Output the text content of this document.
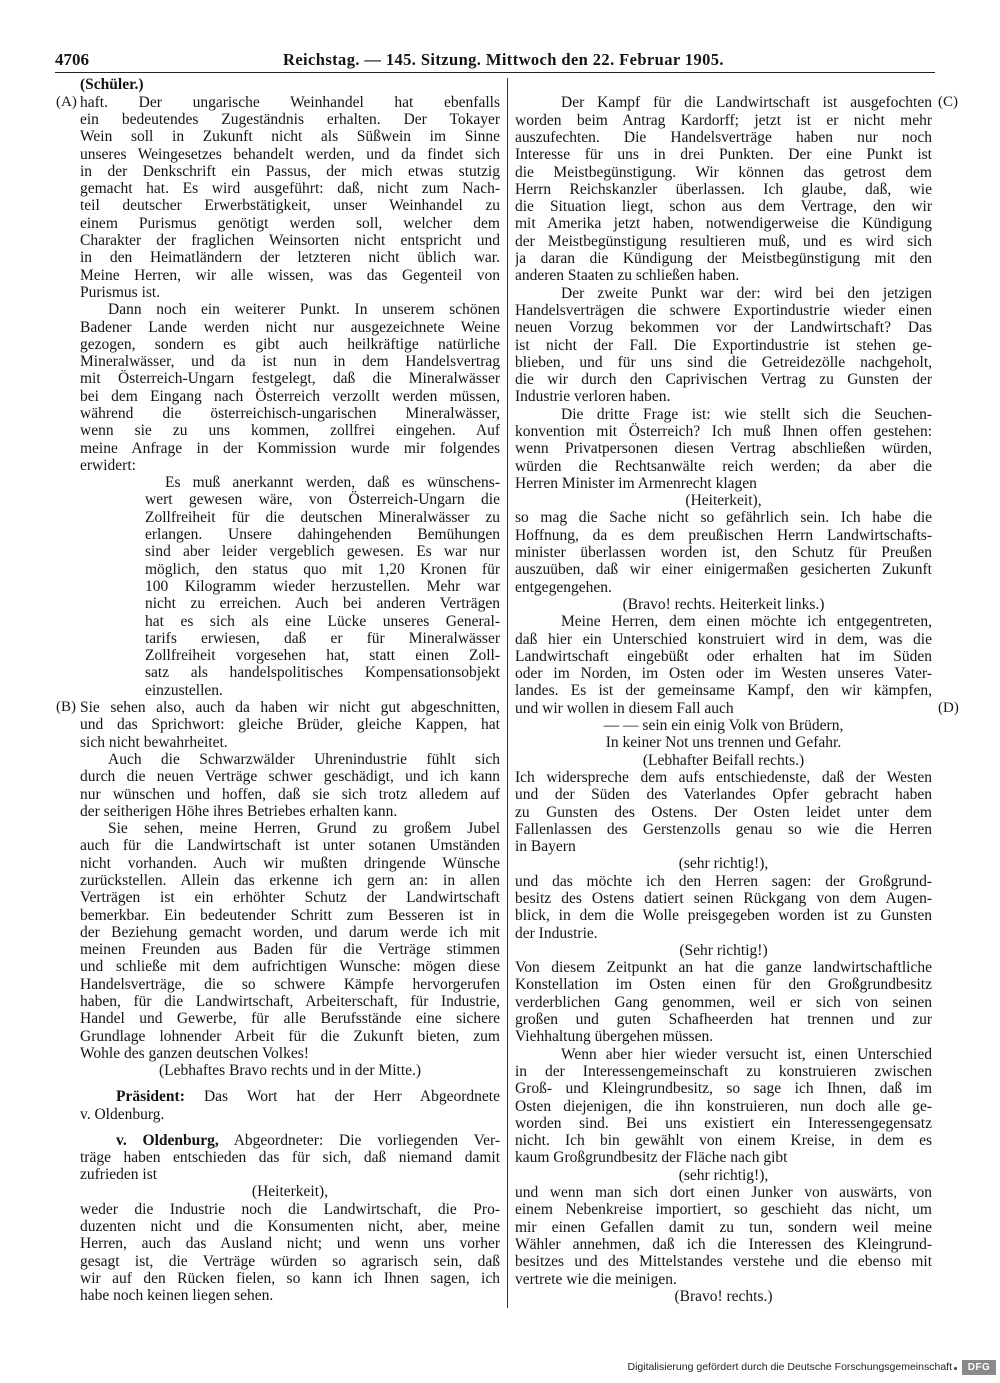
4706	Reichstag. — 145. Sitzung. Mittwoch den 22. Februar 1905.
(A)
(B)
(C)
(D)
(Schüler.)
haft. Der ungarische Weinhandel hat ebenfalls
ein bedeutendes Zugeständnis erhalten. Der Tokayer
Wein soll in Zukunft nicht als Süßwein im Sinne
unseres Weingesetzes behandelt werden, und da findet sich
in der Denkschrift ein Passus, der mich etwas stutzig
gemacht hat. Es wird ausgeführt: daß, nicht zum Nach-
teil deutscher Erwerbstätigkeit, unser Weinhandel zu
einem Purismus genötigt werden soll, welcher dem
Charakter der fraglichen Weinsorten nicht entspricht und
in den Heimatländern der letzteren nicht üblich war.
Meine Herren, wir alle wissen, was das Gegenteil von
Purismus ist.
Dann noch ein weiterer Punkt. In unserem schönen
Badener Lande werden nicht nur ausgezeichnete Weine
gezogen, sondern es gibt auch heilkräftige natürliche
Mineralwässer, und da ist nun in dem Handelsvertrag
mit Österreich-Ungarn festgelegt, daß die Mineralwässer
bei dem Eingang nach Österreich verzollt werden müssen,
während die österreichisch-ungarischen Mineralwässer,
wenn sie zu uns kommen, zollfrei eingehen. Auf
meine Anfrage in der Kommission wurde mir folgendes
erwidert:
Es muß anerkannt werden, daß es wünschens-
wert gewesen wäre, von Österreich-Ungarn die
Zollfreiheit für die deutschen Mineralwässer zu
erlangen. Unsere dahingehenden Bemühungen
sind aber leider vergeblich gewesen. Es war nur
möglich, den status quo mit 1,20 Kronen für
100 Kilogramm wieder herzustellen. Mehr war
nicht zu erreichen. Auch bei anderen Verträgen
hat es sich als eine Lücke unseres General-
tarifs erwiesen, daß er für Mineralwässer
Zollfreiheit vorgesehen hat, statt einen Zoll-
satz als handelspolitisches Kompensationsobjekt
einzustellen.
Sie sehen also, auch da haben wir nicht gut abgeschnitten,
und das Sprichwort: gleiche Brüder, gleiche Kappen, hat
sich nicht bewahrheitet.
Auch die Schwarzwälder Uhrenindustrie fühlt sich
durch die neuen Verträge schwer geschädigt, und ich kann
nur wünschen und hoffen, daß sie sich trotz alledem auf
der seitherigen Höhe ihres Betriebes erhalten kann.
Sie sehen, meine Herren, Grund zu großem Jubel
auch für die Landwirtschaft ist unter sotanen Umständen
nicht vorhanden. Auch wir mußten dringende Wünsche
zurückstellen. Allein das erkenne ich gern an: in allen
Verträgen ist ein erhöhter Schutz der Landwirtschaft
bemerkbar. Ein bedeutender Schritt zum Besseren ist in
der Beziehung gemacht worden, und darum werde ich mit
meinen Freunden aus Baden für die Verträge stimmen
und schließe mit dem aufrichtigen Wunsche: mögen diese
Handelsverträge, die so schwere Kämpfe hervorgerufen
haben, für die Landwirtschaft, Arbeiterschaft, für Industrie,
Handel und Gewerbe, für alle Berufsstände eine sichere
Grundlage lohnender Arbeit für die Zukunft bieten, zum
Wohle des ganzen deutschen Volkes!
(Lebhaftes Bravo rechts und in der Mitte.)
Präsident: Das Wort hat der Herr Abgeordnete
v. Oldenburg.
v. Oldenburg, Abgeordneter: Die vorliegenden Ver-
träge haben entschieden das für sich, daß niemand damit
zufrieden ist
(Heiterkeit),
weder die Industrie noch die Landwirtschaft, die Pro-
duzenten nicht und die Konsumenten nicht, aber, meine
Herren, auch das Ausland nicht; und wenn uns vorher
gesagt ist, die Verträge würden so agrarisch sein, daß
wir auf den Rücken fielen, so kann ich Ihnen sagen, ich
habe noch keinen liegen sehen.
Der Kampf für die Landwirtschaft ist ausgefochten
worden beim Antrag Kardorff; jetzt ist er nicht mehr
auszufechten. Die Handelsverträge haben nur noch
Interesse für uns in drei Punkten. Der eine Punkt ist
die Meistbegünstigung. Wir können das getrost dem
Herrn Reichskanzler überlassen. Ich glaube, daß, wie
die Situation liegt, schon aus dem Vertrage, den wir
mit Amerika jetzt haben, notwendigerweise die Kündigung
der Meistbegünstigung resultieren muß, und es wird sich
ja daran die Kündigung der Meistbegünstigung mit den
anderen Staaten zu schließen haben.
Der zweite Punkt war der: wird bei den jetzigen
Handelsverträgen die schwere Exportindustrie wieder einen
neuen Vorzug bekommen vor der Landwirtschaft? Das
ist nicht der Fall. Die Exportindustrie ist stehen ge-
blieben, und für uns sind die Getreidezölle nachgeholt,
die wir durch den Caprivischen Vertrag zu Gunsten der
Industrie verloren haben.
Die dritte Frage ist: wie stellt sich die Seuchen-
konvention mit Österreich? Ich muß Ihnen offen gestehen:
wenn Privatpersonen diesen Vertrag abschließen würden,
würden die Rechtsanwälte reich werden; da aber die
Herren Minister im Armenrecht klagen
(Heiterkeit),
so mag die Sache nicht so gefährlich sein. Ich habe die
Hoffnung, da es dem preußischen Herrn Landwirtschafts-
minister überlassen worden ist, den Schutz für Preußen
auszuüben, daß wir einer einigermaßen gesicherten Zukunft
entgegengehen.
(Bravo! rechts. Heiterkeit links.)
Meine Herren, dem einen möchte ich entgegentreten,
daß hier ein Unterschied konstruiert wird in dem, was die
Landwirtschaft eingebüßt oder erhalten hat im Süden
oder im Norden, im Osten oder im Westen unseres Vater-
landes. Es ist der gemeinsame Kampf, den wir kämpfen,
und wir wollen in diesem Fall auch
— — sein ein einig Volk von Brüdern,
In keiner Not uns trennen und Gefahr.
(Lebhafter Beifall rechts.)
Ich widerspreche dem aufs entschiedenste, daß der Westen
und der Süden des Vaterlandes Opfer gebracht haben
zu Gunsten des Ostens. Der Osten leidet unter dem
Fallenlassen des Gerstenzolls genau so wie die Herren
in Bayern
(sehr richtig!),
und das möchte ich den Herren sagen: der Großgrund-
besitz des Ostens datiert seinen Rückgang von dem Augen-
blick, in dem die Wolle preisgegeben worden ist zu Gunsten
der Industrie.
(Sehr richtig!)
Von diesem Zeitpunkt an hat die ganze landwirtschaftliche
Konstellation im Osten einen für den Großgrundbesitz
verderblichen Gang genommen, weil er sich von seinen
großen und guten Schafheerden hat trennen und zur
Viehhaltung übergehen müssen.
Wenn aber hier wieder versucht ist, einen Unterschied
in der Interessengemeinschaft zu konstruieren zwischen
Groß- und Kleingrundbesitz, so sage ich Ihnen, daß im
Osten diejenigen, die ihn konstruieren, nun doch alle ge-
worden sind. Bei uns existiert ein Interessengegensatz
nicht. Ich bin gewählt von einem Kreise, in dem es
kaum Großgrundbesitz der Fläche nach gibt
(sehr richtig!),
und wenn man sich dort einen Junker von auswärts, von
einem Nebenkreise importiert, so geschieht das nicht, um
mir einen Gefallen damit zu tun, sondern weil meine
Wähler annehmen, daß ich die Interessen des Kleingrund-
besitzes und des Mittelstandes verstehe und die ebenso mit
vertrete wie die meinigen.
(Bravo! rechts.)
Digitalisierung gefördert durch die Deutsche Forschungsgemeinschaft	DFG
